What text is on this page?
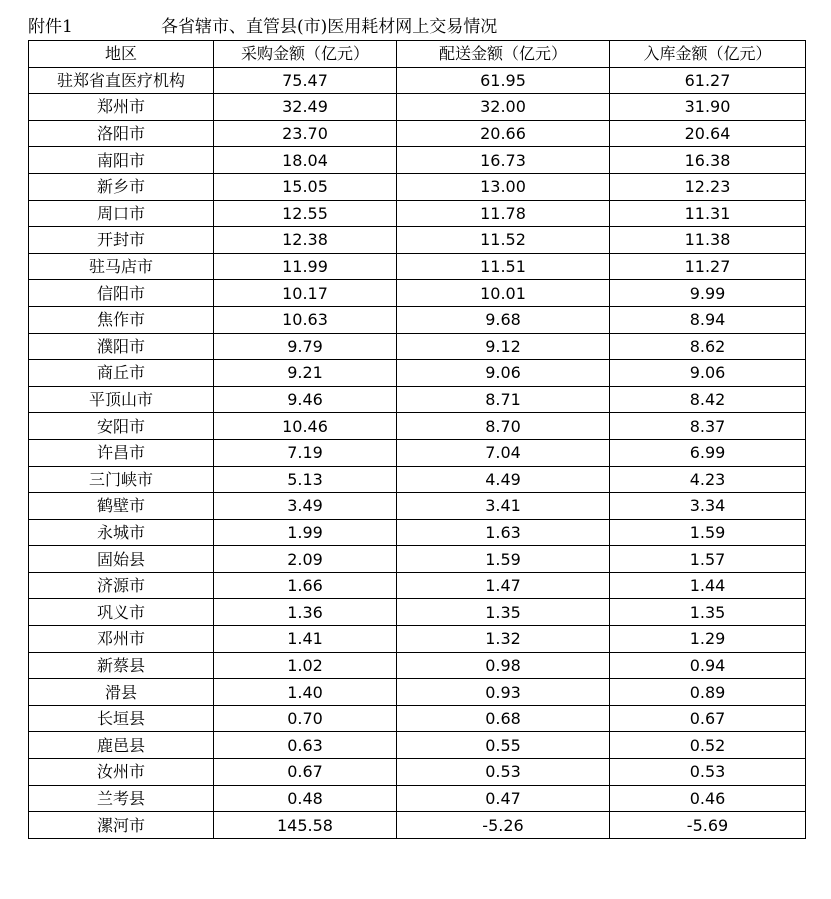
附件1	各省辖市、直管县(市)医用耗材网上交易情况
地区	采购金额（亿元）	配送金额（亿元）	入库金额（亿元）
驻郑省直医疗机构	75.47	61.95	61.27
郑州市	32.49	32.00	31.90
洛阳市	23.70	20.66	20.64
南阳市	18.04	16.73	16.38
新乡市	15.05	13.00	12.23
周口市	12.55	11.78	11.31
开封市	12.38	11.52	11.38
驻马店市	11.99	11.51	11.27
信阳市	10.17	10.01	9.99
焦作市	10.63	9.68	8.94
濮阳市	9.79	9.12	8.62
商丘市	9.21	9.06	9.06
平顶山市	9.46	8.71	8.42
安阳市	10.46	8.70	8.37
许昌市	7.19	7.04	6.99
三门峡市	5.13	4.49	4.23
鹤壁市	3.49	3.41	3.34
永城市	1.99	1.63	1.59
固始县	2.09	1.59	1.57
济源市	1.66	1.47	1.44
巩义市	1.36	1.35	1.35
邓州市	1.41	1.32	1.29
新蔡县	1.02	0.98	0.94
滑县	1.40	0.93	0.89
长垣县	0.70	0.68	0.67
鹿邑县	0.63	0.55	0.52
汝州市	0.67	0.53	0.53
兰考县	0.48	0.47	0.46
漯河市	145.58	-5.26	-5.69
